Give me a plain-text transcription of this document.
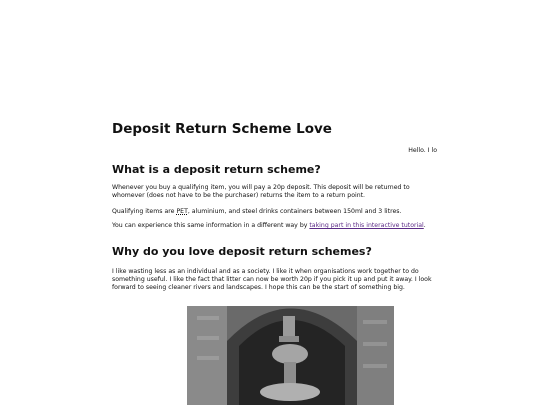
Deposit Return Scheme Love
Hello. I lo
What is a deposit return scheme?

Whenever you buy a qualifying item, you will pay a 20p deposit. This deposit will be returned to whomever (does not have to be the purchaser) returns the item to a return point.

Qualifying items are PET, aluminium, and steel drinks containers between 150ml and 3 litres.

You can experience this same information in a different way by taking part in this interactive tutorial.

Why do you love deposit return schemes?

I like wasting less as an individual and as a society. I like it when organisations work together to do something useful. I like the fact that litter can now be worth 20p if you pick it up and put it away. I look forward to seeing cleaner rivers and landscapes. I hope this can be the start of something big.
